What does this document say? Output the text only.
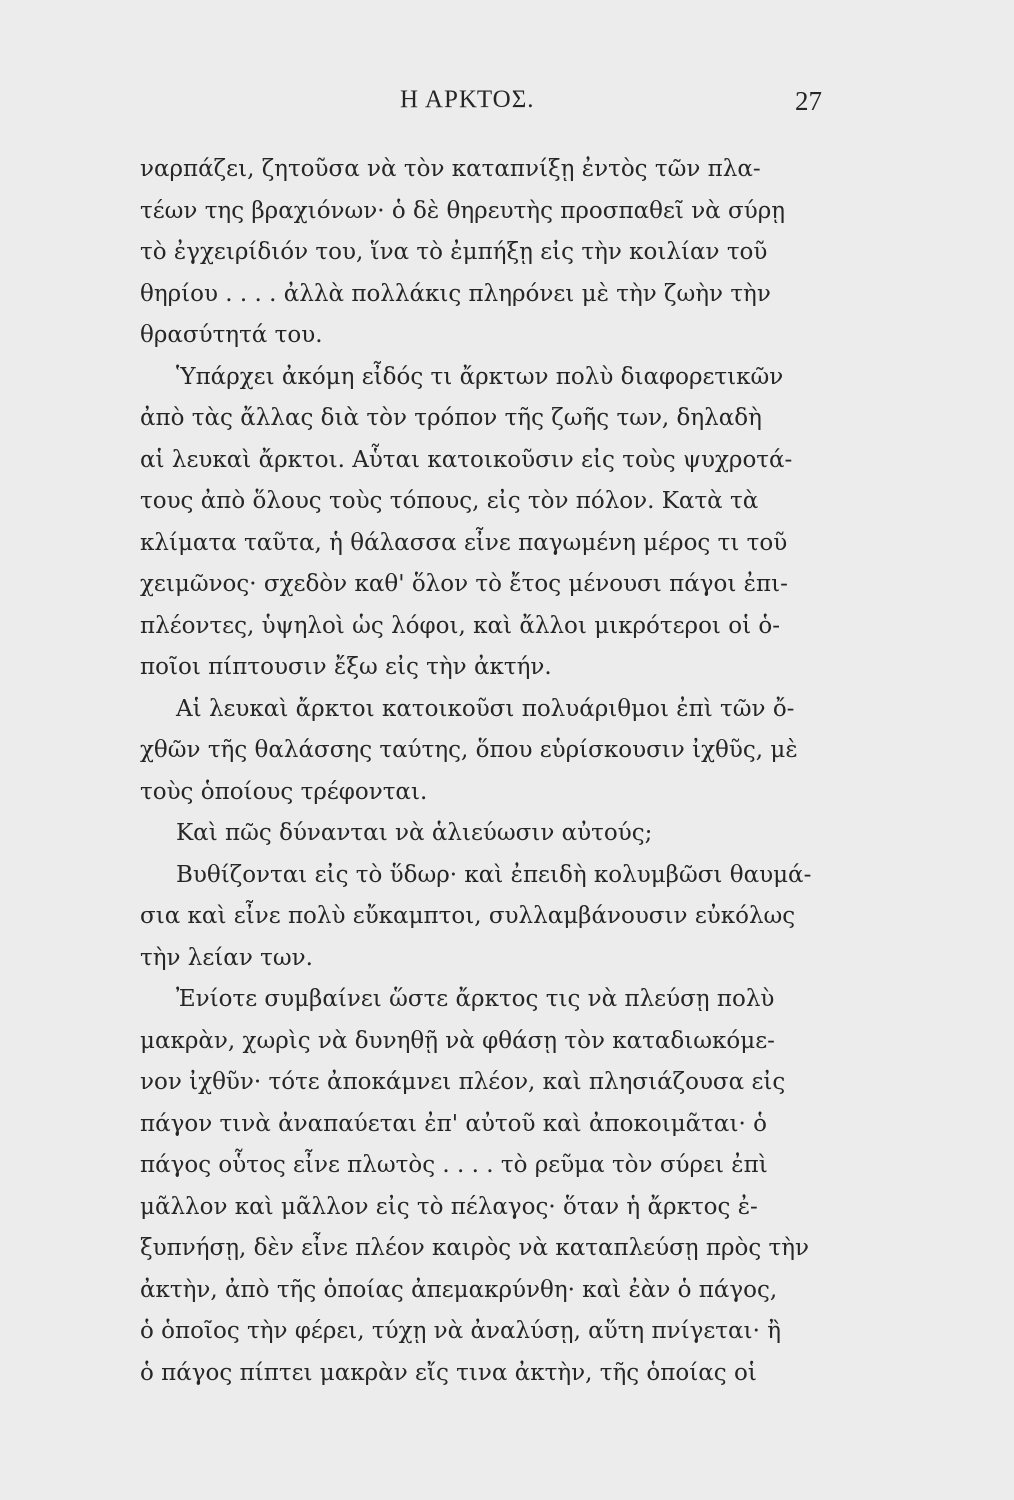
Η ΑΡΚΤΟΣ.	27
ναρπάζει, ζητοῦσα νὰ τὸν καταπνίξῃ ἐντὸς τῶν πλα-
τέων της βραχιόνων· ὁ δὲ θηρευτὴς προσπαθεῖ νὰ σύρῃ
τὸ ἐγχειρίδιόν του, ἵνα τὸ ἐμπήξῃ εἰς τὴν κοιλίαν τοῦ
θηρίου . . . . ἀλλὰ πολλάκις πληρόνει μὲ τὴν ζωὴν τὴν
θρασύτητά του.
Ὑπάρχει ἀκόμη εἶδός τι ἄρκτων πολὺ διαφορετικῶν
ἀπὸ τὰς ἄλλας διὰ τὸν τρόπον τῆς ζωῆς των, δηλαδὴ
αἱ λευκαὶ ἄρκτοι. Αὗται κατοικοῦσιν εἰς τοὺς ψυχροτά-
τους ἀπὸ ὅλους τοὺς τόπους, εἰς τὸν πόλον. Κατὰ τὰ
κλίματα ταῦτα, ἡ θάλασσα εἶνε παγωμένη μέρος τι τοῦ
χειμῶνος· σχεδὸν καθ' ὅλον τὸ ἔτος μένουσι πάγοι ἐπι-
πλέοντες, ὑψηλοὶ ὡς λόφοι, καὶ ἄλλοι μικρότεροι οἱ ὁ-
ποῖοι πίπτουσιν ἔξω εἰς τὴν ἀκτήν.
Αἱ λευκαὶ ἄρκτοι κατοικοῦσι πολυάριθμοι ἐπὶ τῶν ὄ-
χθῶν τῆς θαλάσσης ταύτης, ὅπου εὑρίσκουσιν ἰχθῦς, μὲ
τοὺς ὁποίους τρέφονται.
Καὶ πῶς δύνανται νὰ ἁλιεύωσιν αὐτούς;
Βυθίζονται εἰς τὸ ὕδωρ· καὶ ἐπειδὴ κολυμβῶσι θαυμά-
σια καὶ εἶνε πολὺ εὔκαμπτοι, συλλαμβάνουσιν εὐκόλως
τὴν λείαν των.
Ἐνίοτε συμβαίνει ὥστε ἄρκτος τις νὰ πλεύσῃ πολὺ
μακρὰν, χωρὶς νὰ δυνηθῇ νὰ φθάσῃ τὸν καταδιωκόμε-
νον ἰχθῦν· τότε ἀποκάμνει πλέον, καὶ πλησιάζουσα εἰς
πάγον τινὰ ἀναπαύεται ἐπ' αὐτοῦ καὶ ἀποκοιμᾶται· ὁ
πάγος οὗτος εἶνε πλωτὸς . . . . τὸ ρεῦμα τὸν σύρει ἐπὶ
μᾶλλον καὶ μᾶλλον εἰς τὸ πέλαγος· ὅταν ἡ ἄρκτος ἐ-
ξυπνήσῃ, δὲν εἶνε πλέον καιρὸς νὰ καταπλεύσῃ πρὸς τὴν
ἀκτὴν, ἀπὸ τῆς ὁποίας ἀπεμακρύνθη· καὶ ἐὰν ὁ πάγος,
ὁ ὁποῖος τὴν φέρει, τύχῃ νὰ ἀναλύσῃ, αὕτη πνίγεται· ἢ
ὁ πάγος πίπτει μακρὰν εἴς τινα ἀκτὴν, τῆς ὁποίας οἱ
